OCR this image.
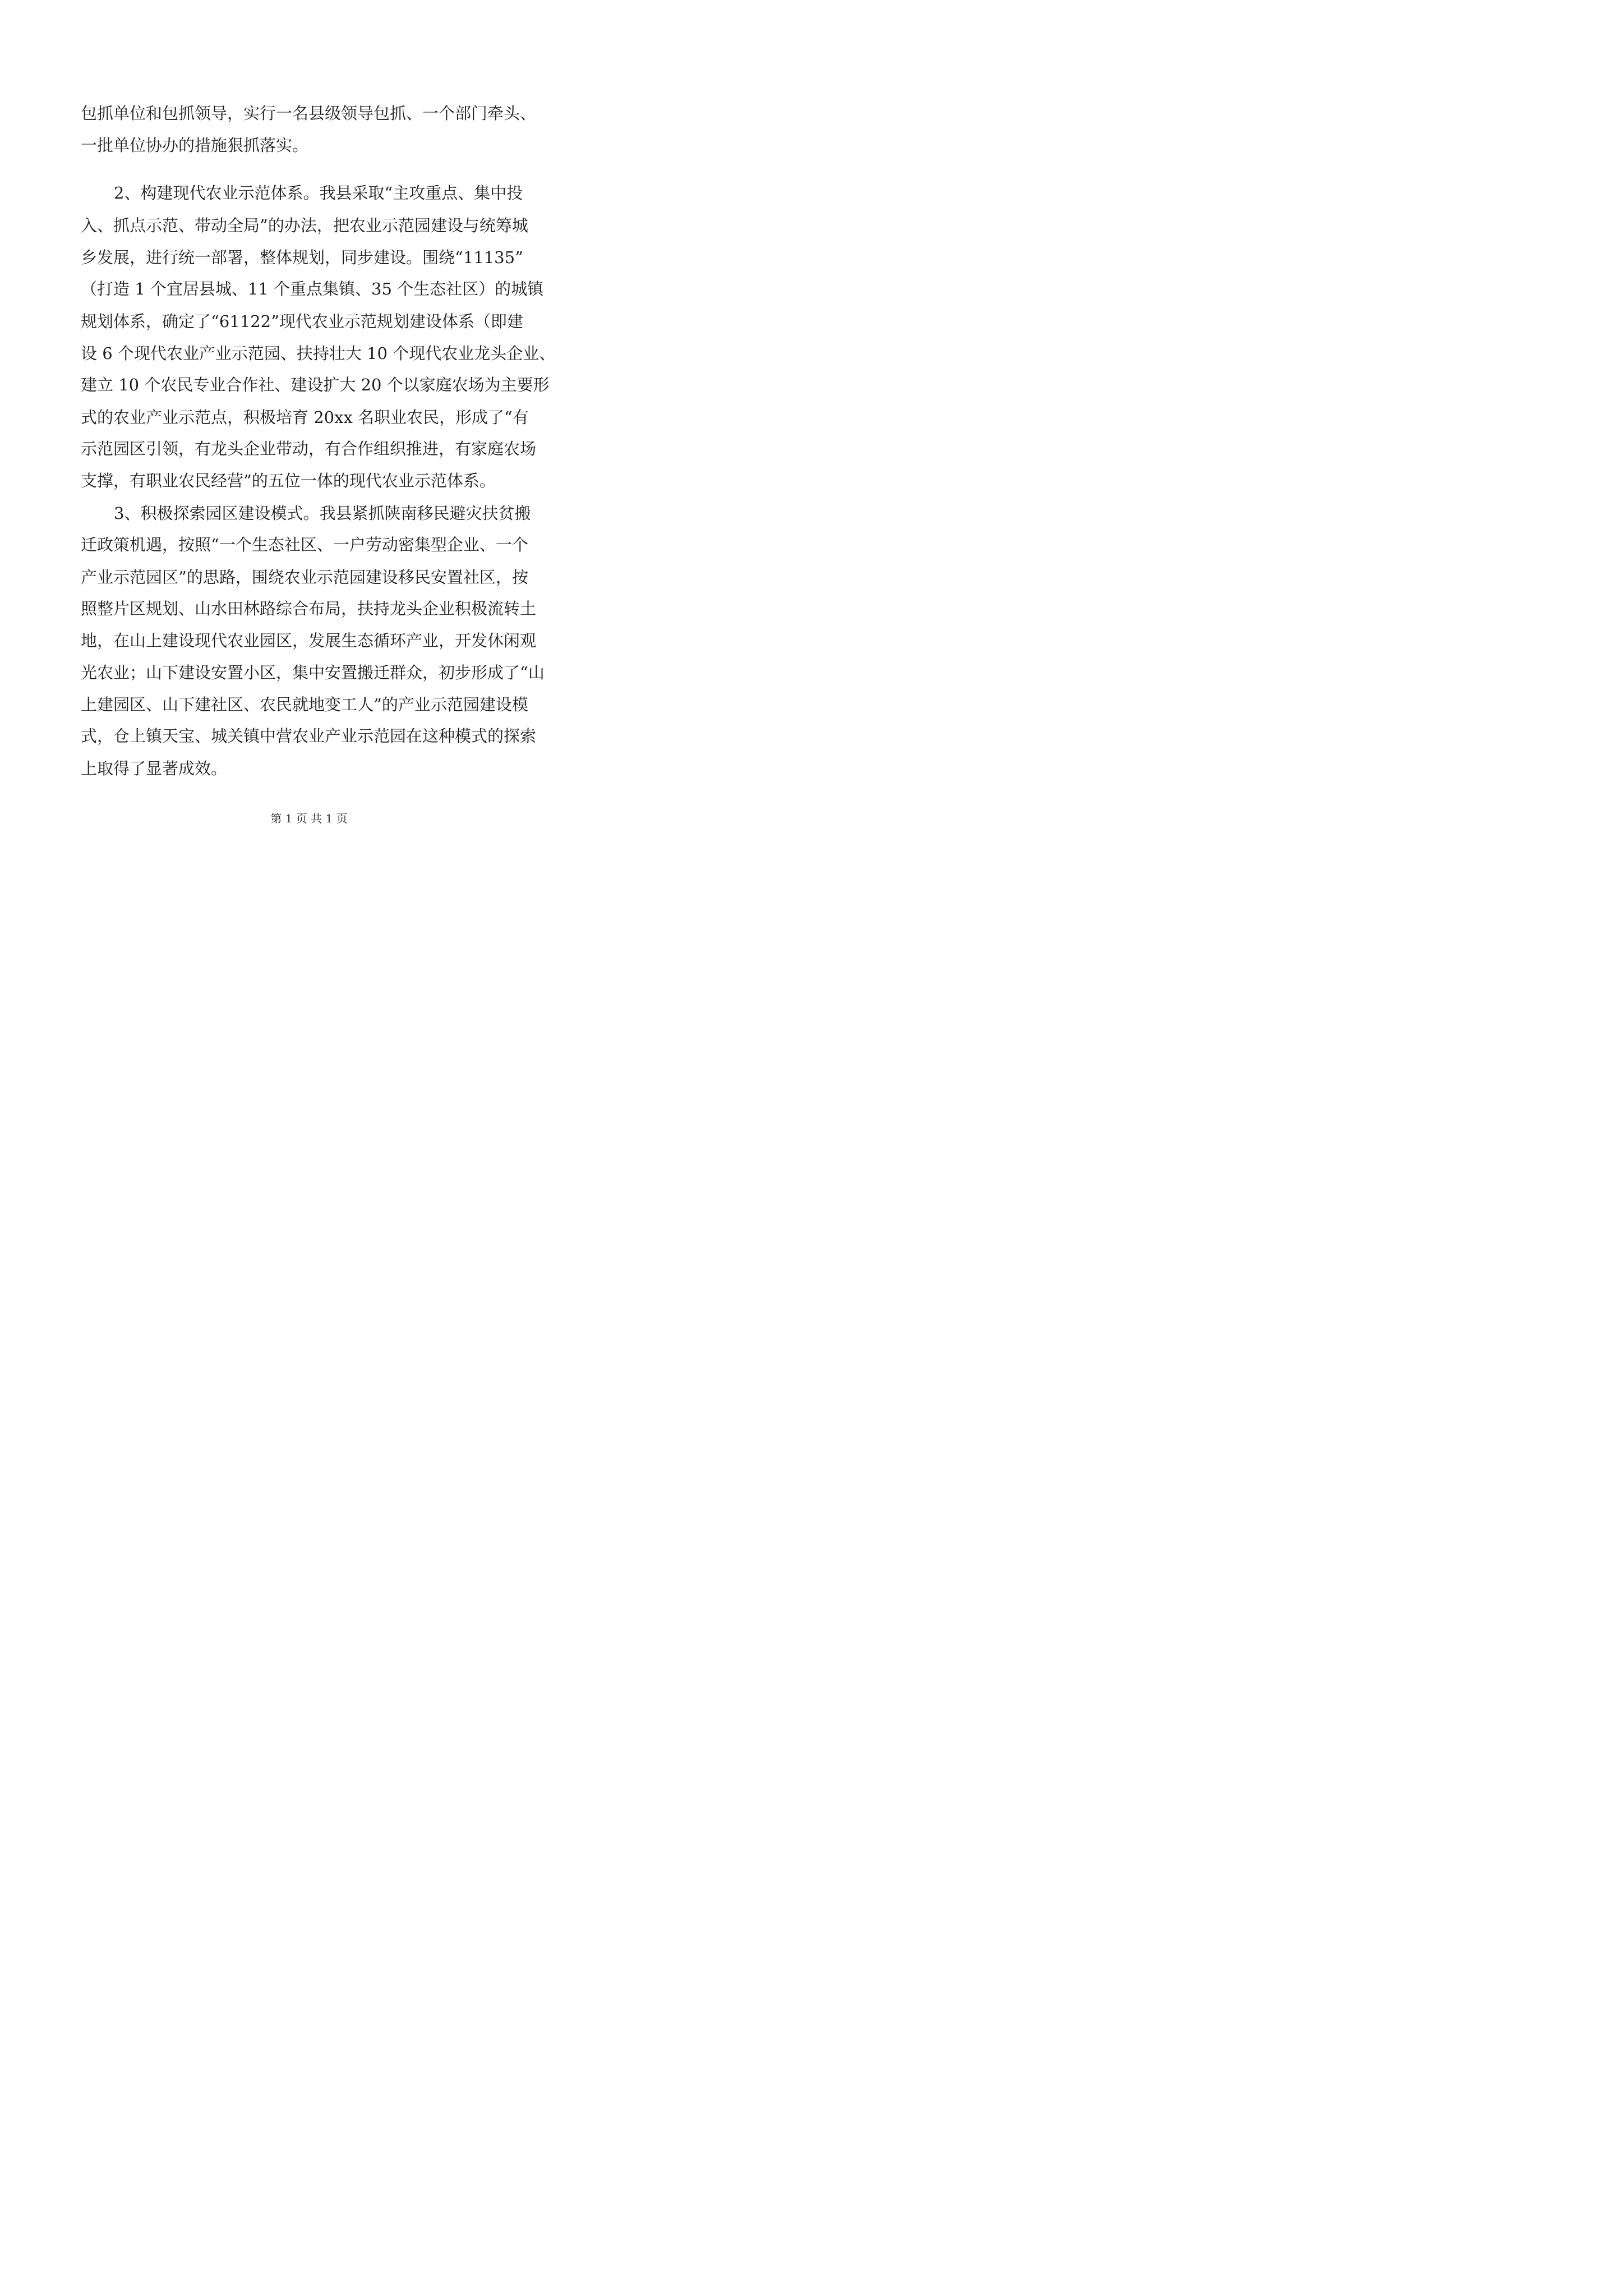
包抓单位和包抓领导，实行一名县级领导包抓、一个部门牵头、
一批单位协办的措施狠抓落实。
2、构建现代农业示范体系。我县采取“主攻重点、集中投
入、抓点示范、带动全局”的办法，把农业示范园建设与统筹城
乡发展，进行统一部署，整体规划，同步建设。围绕“11135”
（打造 1 个宜居县城、11 个重点集镇、35 个生态社区）的城镇
规划体系，确定了“61122”现代农业示范规划建设体系（即建
设 6 个现代农业产业示范园、扶持壮大 10 个现代农业龙头企业、
建立 10 个农民专业合作社、建设扩大 20 个以家庭农场为主要形
式的农业产业示范点，积极培育 20xx 名职业农民，形成了“有
示范园区引领，有龙头企业带动，有合作组织推进，有家庭农场
支撑，有职业农民经营”的五位一体的现代农业示范体系。
3、积极探索园区建设模式。我县紧抓陕南移民避灾扶贫搬
迁政策机遇，按照“一个生态社区、一户劳动密集型企业、一个
产业示范园区”的思路，围绕农业示范园建设移民安置社区，按
照整片区规划、山水田林路综合布局，扶持龙头企业积极流转土
地，在山上建设现代农业园区，发展生态循环产业，开发休闲观
光农业；山下建设安置小区，集中安置搬迁群众，初步形成了“山
上建园区、山下建社区、农民就地变工人”的产业示范园建设模
式，仓上镇天宝、城关镇中营农业产业示范园在这种模式的探索
上取得了显著成效。
第 1 页 共 1 页
